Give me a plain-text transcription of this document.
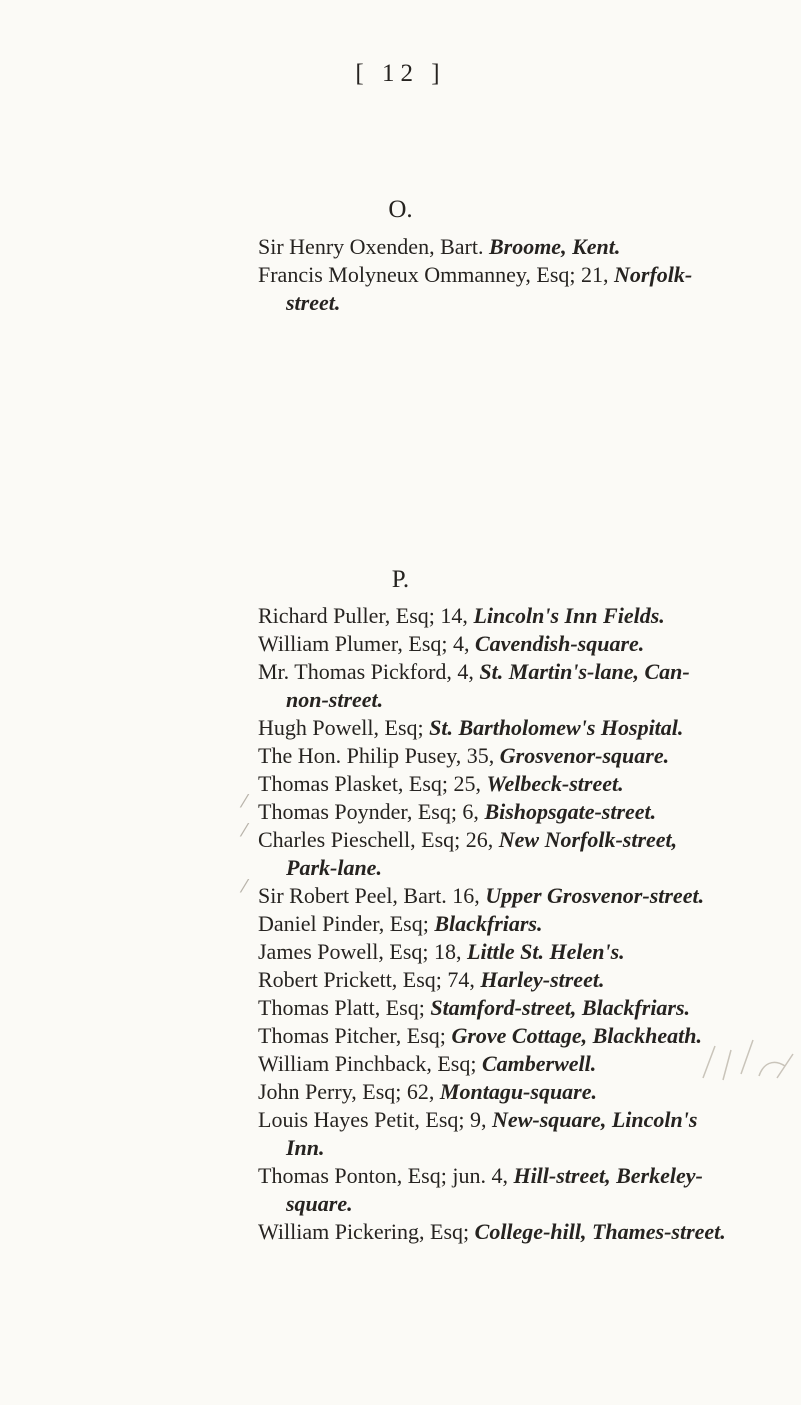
[ 12 ]
O.
Sir Henry Oxenden, Bart. Broome, Kent.
Francis Molyneux Ommanney, Esq; 21, Norfolk-
street.
P.
Richard Puller, Esq; 14, Lincoln's Inn Fields.
William Plumer, Esq; 4, Cavendish-square.
Mr. Thomas Pickford, 4, St. Martin's-lane, Can-
non-street.
Hugh Powell, Esq; St. Bartholomew's Hospital.
The Hon. Philip Pusey, 35, Grosvenor-square.
Thomas Plasket, Esq; 25, Welbeck-street.
Thomas Poynder, Esq; 6, Bishopsgate-street.
Charles Pieschell, Esq; 26, New Norfolk-street,
Park-lane.
Sir Robert Peel, Bart. 16, Upper Grosvenor-street.
Daniel Pinder, Esq; Blackfriars.
James Powell, Esq; 18, Little St. Helen's.
Robert Prickett, Esq; 74, Harley-street.
Thomas Platt, Esq; Stamford-street, Blackfriars.
Thomas Pitcher, Esq; Grove Cottage, Blackheath.
William Pinchback, Esq; Camberwell.
John Perry, Esq; 62, Montagu-square.
Louis Hayes Petit, Esq; 9, New-square, Lincoln's
Inn.
Thomas Ponton, Esq; jun. 4, Hill-street, Berkeley-
square.
William Pickering, Esq; College-hill, Thames-street.
⁄
⁄
⁄
